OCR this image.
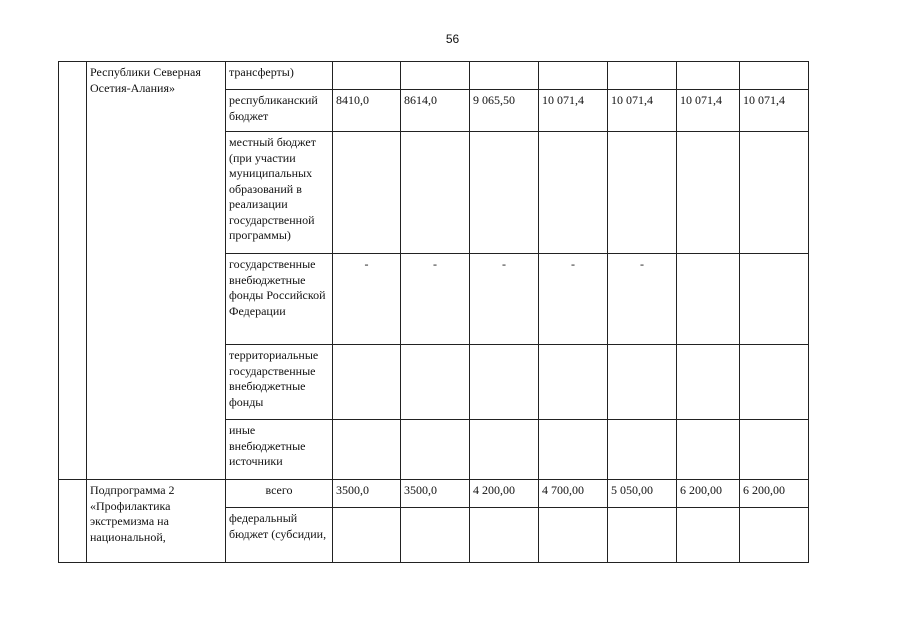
56
	Республики Северная Осетия-Алания»	трансферты)							
		республиканский бюджет	8410,0	8614,0	9 065,50	10 071,4	10 071,4	10 071,4	10 071,4
		местный бюджет (при участии муниципальных образований в реализации государственной программы)							
		государственные внебюджетные фонды Российской Федерации	-	-	-	-	-		
		территориальные государственные внебюджетные фонды							
		иные внебюджетные источники							
	Подпрограмма 2 «Профилактика экстремизма на национальной,	всего	3500,0	3500,0	4 200,00	4 700,00	5 050,00	6 200,00	6 200,00
		федеральный бюджет (субсидии,							
